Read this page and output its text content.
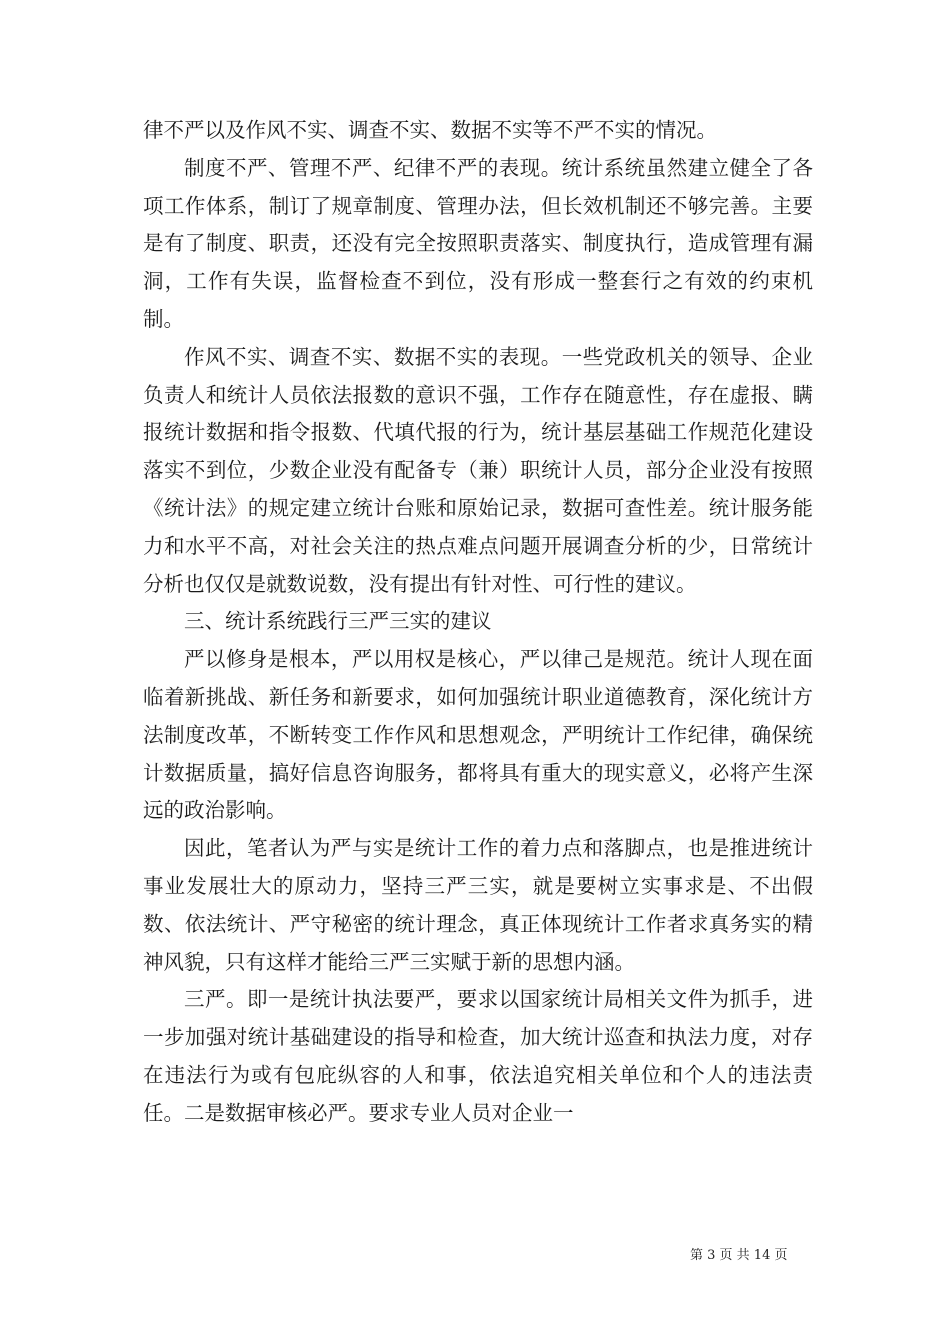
律不严以及作风不实、调查不实、数据不实等不严不实的情况。

制度不严、管理不严、纪律不严的表现。统计系统虽然建立健全了各项工作体系，制订了规章制度、管理办法，但长效机制还不够完善。主要是有了制度、职责，还没有完全按照职责落实、制度执行，造成管理有漏洞，工作有失误，监督检查不到位，没有形成一整套行之有效的约束机制。

作风不实、调查不实、数据不实的表现。一些党政机关的领导、企业负责人和统计人员依法报数的意识不强，工作存在随意性，存在虚报、瞒报统计数据和指令报数、代填代报的行为，统计基层基础工作规范化建设落实不到位，少数企业没有配备专（兼）职统计人员，部分企业没有按照《统计法》的规定建立统计台账和原始记录，数据可查性差。统计服务能力和水平不高，对社会关注的热点难点问题开展调查分析的少，日常统计分析也仅仅是就数说数，没有提出有针对性、可行性的建议。

三、统计系统践行三严三实的建议

严以修身是根本，严以用权是核心，严以律己是规范。统计人现在面临着新挑战、新任务和新要求，如何加强统计职业道德教育，深化统计方法制度改革，不断转变工作作风和思想观念，严明统计工作纪律，确保统计数据质量，搞好信息咨询服务，都将具有重大的现实意义，必将产生深远的政治影响。

因此，笔者认为严与实是统计工作的着力点和落脚点，也是推进统计事业发展壮大的原动力，坚持三严三实，就是要树立实事求是、不出假数、依法统计、严守秘密的统计理念，真正体现统计工作者求真务实的精神风貌，只有这样才能给三严三实赋于新的思想内涵。

三严。即一是统计执法要严，要求以国家统计局相关文件为抓手，进一步加强对统计基础建设的指导和检查，加大统计巡查和执法力度，对存在违法行为或有包庇纵容的人和事，依法追究相关单位和个人的违法责任。二是数据审核必严。要求专业人员对企业一

第 3 页 共 14 页
